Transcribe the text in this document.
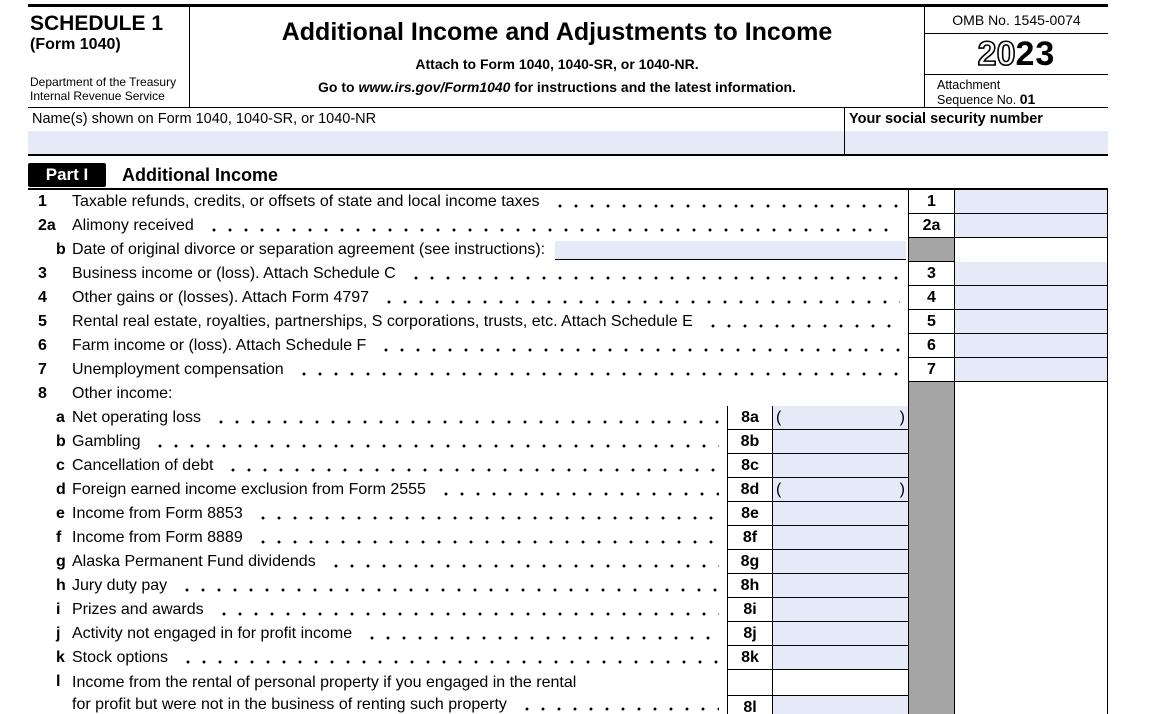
SCHEDULE 1
(Form 1040)
Department of the Treasury
Internal Revenue Service
Additional Income and Adjustments to Income
Attach to Form 1040, 1040-SR, or 1040-NR.
Go to www.irs.gov/Form1040 for instructions and the latest information.
OMB No. 1545-0074
20 23
Attachment
Sequence No. 01
Name(s) shown on Form 1040, 1040-SR, or 1040-NR	Your social security number
Part I	Additional Income
1	Taxable refunds, credits, or offsets of state and local income taxes	1
2a	Alimony received	2a
b Date of original divorce or separation agreement (see instructions):
3	Business income or (loss). Attach Schedule C	3
4	Other gains or (losses). Attach Form 4797	4
5	Rental real estate, royalties, partnerships, S corporations, trusts, etc. Attach Schedule E	5
6	Farm income or (loss). Attach Schedule F	6
7	Unemployment compensation	7
8	Other income:
a Net operating loss	8a	(	)
b Gambling	8b
c Cancellation of debt	8c
d Foreign earned income exclusion from Form 2555	8d	(	)
e Income from Form 8853	8e
f Income from Form 8889	8f
g Alaska Permanent Fund dividends	8g
h Jury duty pay	8h
i Prizes and awards	8i
j Activity not engaged in for profit income	8j
k Stock options	8k
l Income from the rental of personal property if you engaged in the rental
for profit but were not in the business of renting such property	8l
